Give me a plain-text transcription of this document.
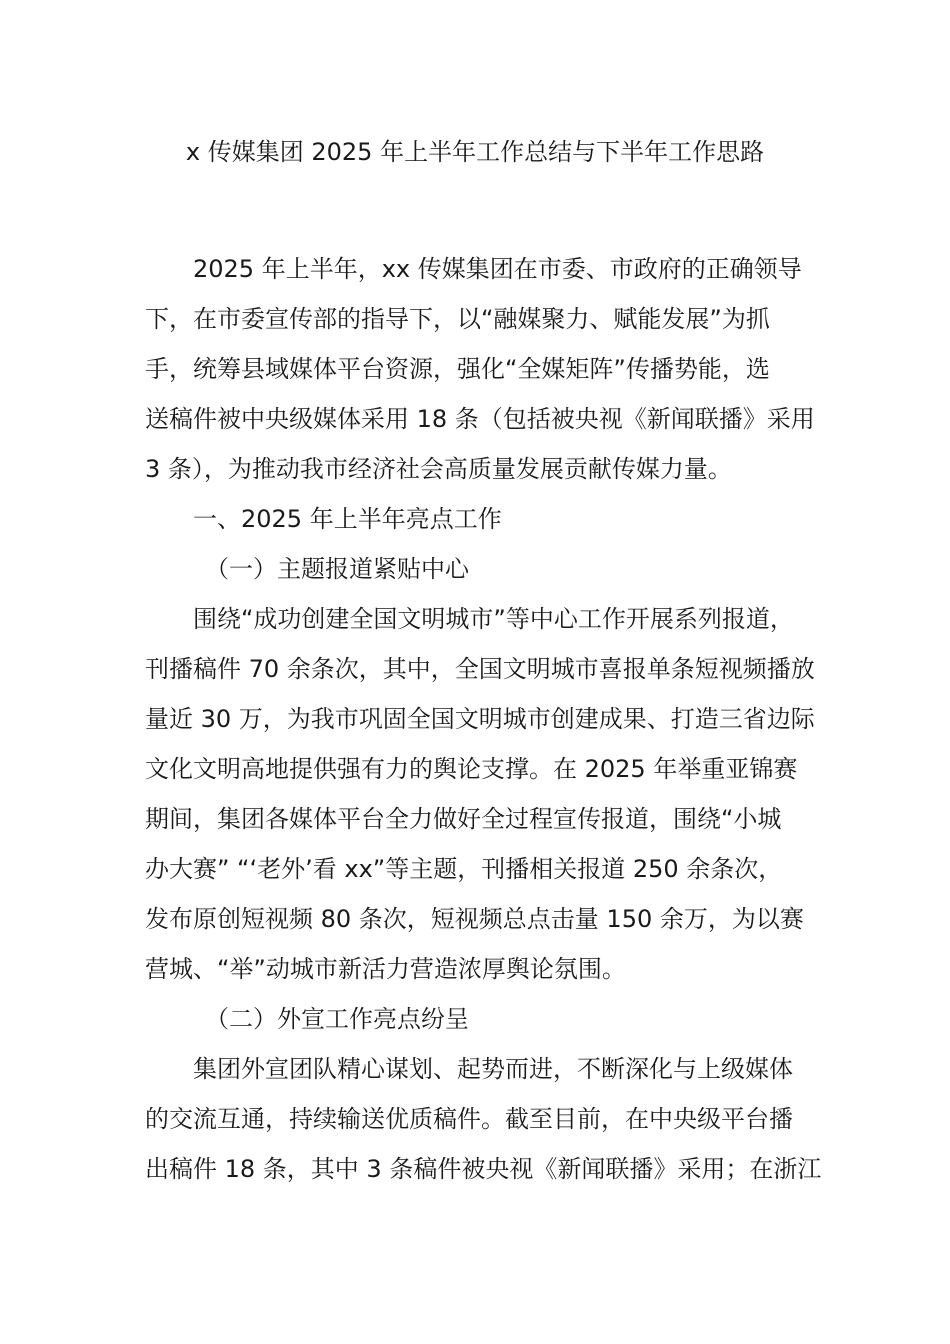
x 传媒集团 2025 年上半年工作总结与下半年工作思路
2025 年上半年，xx 传媒集团在市委、市政府的正确领导
下，在市委宣传部的指导下，以“融媒聚力、赋能发展”为抓
手，统筹县域媒体平台资源，强化“全媒矩阵”传播势能，选
送稿件被中央级媒体采用 18 条（包括被央视《新闻联播》采用
3 条），为推动我市经济社会高质量发展贡献传媒力量。
一、2025 年上半年亮点工作
（一）主题报道紧贴中心
围绕“成功创建全国文明城市”等中心工作开展系列报道，
刊播稿件 70 余条次，其中，全国文明城市喜报单条短视频播放
量近 30 万，为我市巩固全国文明城市创建成果、打造三省边际
文化文明高地提供强有力的舆论支撑。在 2025 年举重亚锦赛
期间，集团各媒体平台全力做好全过程宣传报道，围绕“小城
办大赛” “‘老外’看 xx”等主题，刊播相关报道 250 余条次，
发布原创短视频 80 条次，短视频总点击量 150 余万，为以赛
营城、“举”动城市新活力营造浓厚舆论氛围。
（二）外宣工作亮点纷呈
集团外宣团队精心谋划、起势而进，不断深化与上级媒体
的交流互通，持续输送优质稿件。截至目前，在中央级平台播
出稿件 18 条，其中 3 条稿件被央视《新闻联播》采用；在浙江
